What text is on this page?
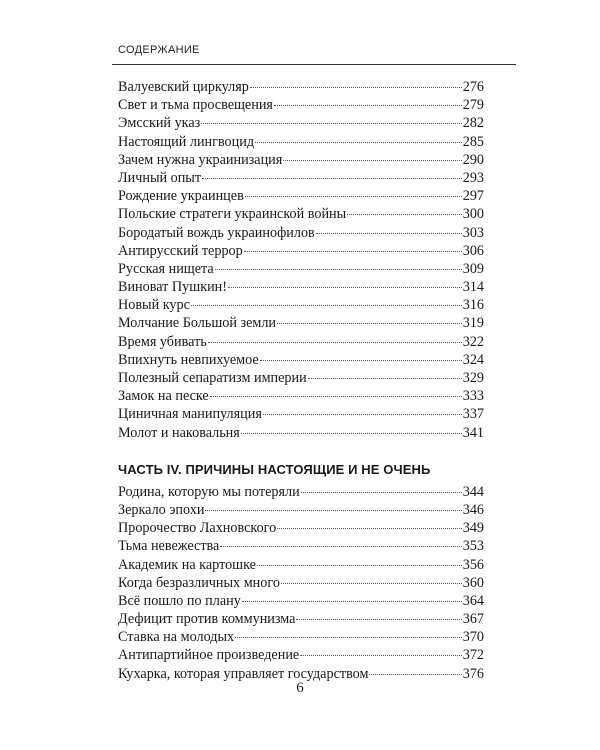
СОДЕРЖАНИЕ
Валуевский циркуляр	276
Свет и тьма просвещения	279
Эмсский указ	282
Настоящий лингвоцид	285
Зачем нужна украинизация	290
Личный опыт	293
Рождение украинцев	297
Польские стратеги украинской войны	300
Бородатый вождь украинофилов	303
Антирусский террор	306
Русская нищета	309
Виноват Пушкин!	314
Новый курс	316
Молчание Большой земли	319
Время убивать	322
Впихнуть невпихуемое	324
Полезный сепаратизм империи	329
Замок на песке	333
Циничная манипуляция	337
Молот и наковальня	341
ЧАСТЬ IV. ПРИЧИНЫ НАСТОЯЩИЕ И НЕ ОЧЕНЬ
Родина, которую мы потеряли	344
Зеркало эпохи	346
Пророчество Лахновского	349
Тьма невежества	353
Академик на картошке	356
Когда безразличных много	360
Всё пошло по плану	364
Дефицит против коммунизма	367
Ставка на молодых	370
Антипартийное произведение	372
Кухарка, которая управляет государством	376
6
